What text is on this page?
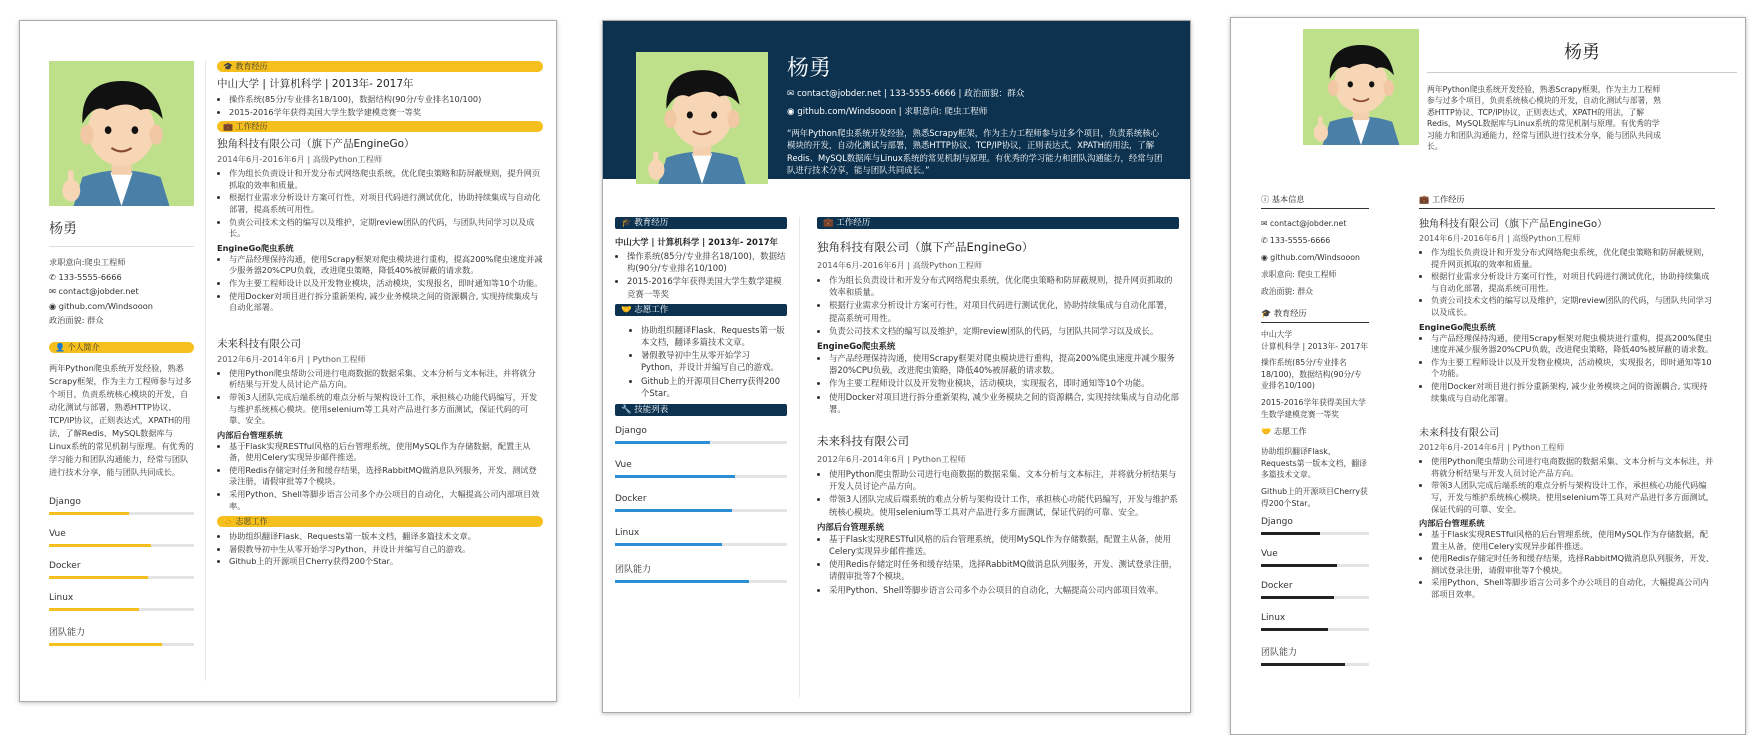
杨勇
求职意向:爬虫工程师
✆ 133-5555-6666
✉ contact@jobder.net
◉ github.com/Windsooon
政治面貌: 群众
👤 个人简介
两年Python爬虫系统开发经验，熟悉Scrapy框架，作为主力工程师参与过多个项目，负责系统核心模块的开发，自动化测试与部署，熟悉HTTP协议、TCP/IP协议，正则表达式，XPATH的用法，了解Redis、MySQL数据库与Linux系统的常见机制与原理。有优秀的学习能力和团队沟通能力，经常与团队进行技术分享，能与团队共同成长。
Django
Vue
Docker
Linux
团队能力
🎓 教育经历
中山大学 | 计算机科学 | 2013年- 2017年
• 操作系统(85分/专业排名18/100)，数据结构(90分/专业排名10/100)
• 2015-2016学年获得美国大学生数学建模竞赛一等奖
💼 工作经历
独角科技有限公司（旗下产品EngineGo）
2014年6月-2016年6月 | 高级Python工程师
• 作为组长负责设计和开发分布式网络爬虫系统，优化爬虫策略和防屏蔽规则，提升网页抓取的效率和质量。
• 根据行业需求分析设计方案可行性，对项目代码进行测试优化，协助持续集成与自动化部署，提高系统可用性。
• 负责公司技术文档的编写以及维护，定期review团队的代码，与团队共同学习以及成长。
EngineGo爬虫系统
• 与产品经理保持沟通，使用Scrapy框架对爬虫模块进行重构，提高200%爬虫速度并减少服务器20%CPU负载，改进爬虫策略，降低40%被屏蔽的请求数。
• 作为主要工程师设计以及开发物业模块，活动模块，实现报名，即时通知等10个功能。
• 使用Docker对项目进行拆分重新架构, 减少业务模块之间的资源耦合, 实现持续集成与自动化部署。
未来科技有限公司
2012年6月-2014年6月 | Python工程师
• 使用Python爬虫帮助公司进行电商数据的数据采集、文本分析与文本标注，并将就分析结果与开发人员讨论产品方向。
• 带领3人团队完成后端系统的难点分析与架构设计工作，承担核心功能代码编写，开发与维护系统核心模块。使用selenium等工具对产品进行多方面测试，保证代码的可靠、安全。
内部后台管理系统
• 基于Flask实现RESTful风格的后台管理系统，使用MySQL作为存储数据，配置主从备，使用Celery实现异步邮件推送。
• 使用Redis存储定时任务和缓存结果，选择RabbitMQ做消息队列服务，开发、测试登录注册，请假审批等7个模块。
• 采用Python、Shell等脚步语言公司多个办公项目的自动化，大幅提高公司内部项目效率。
🤝 志愿工作
• 协助组织翻译Flask、Requests第一版本文档，翻译多篇技术文章。
• 暑假教导初中生从零开始学习Python，并设计并编写自己的游戏。
• Github上的开源项目Cherry获得200个Star。
杨勇
✉ contact@jobder.net | 133-5555-6666 | 政治面貌：群众
◉ github.com/Windsooon | 求职意向: 爬虫工程师
“两年Python爬虫系统开发经验，熟悉Scrapy框架，作为主力工程师参与过多个项目，负责系统核心模块的开发，自动化测试与部署，熟悉HTTP协议、TCP/IP协议，正则表达式，XPATH的用法，了解Redis、MySQL数据库与Linux系统的常见机制与原理。有优秀的学习能力和团队沟通能力，经常与团队进行技术分享，能与团队共同成长。”
🎓 教育经历
中山大学 | 计算机科学 | 2013年- 2017年
• 操作系统(85分/专业排名18/100)，数据结构(90分/专业排名10/100)
• 2015-2016学年获得美国大学生数学建模竞赛一等奖
🤝 志愿工作
• 协助组织翻译Flask、Requests第一版本文档，翻译多篇技术文章。
• 暑假教导初中生从零开始学习Python，并设计并编写自己的游戏。
• Github上的开源项目Cherry获得200个Star。
🔧 技能列表
Django
Vue
Docker
Linux
团队能力
💼 工作经历
独角科技有限公司（旗下产品EngineGo）
2014年6月-2016年6月 | 高级Python工程师
• 作为组长负责设计和开发分布式网络爬虫系统，优化爬虫策略和防屏蔽规则，提升网页抓取的效率和质量。
• 根据行业需求分析设计方案可行性，对项目代码进行测试优化，协助持续集成与自动化部署，提高系统可用性。
• 负责公司技术文档的编写以及维护，定期review团队的代码，与团队共同学习以及成长。
EngineGo爬虫系统
• 与产品经理保持沟通，使用Scrapy框架对爬虫模块进行重构，提高200%爬虫速度并减少服务器20%CPU负载，改进爬虫策略，降低40%被屏蔽的请求数。
• 作为主要工程师设计以及开发物业模块，活动模块，实现报名，即时通知等10个功能。
• 使用Docker对项目进行拆分重新架构, 减少业务模块之间的资源耦合, 实现持续集成与自动化部署。
未来科技有限公司
2012年6月-2014年6月 | Python工程师
• 使用Python爬虫帮助公司进行电商数据的数据采集、文本分析与文本标注，并将就分析结果与开发人员讨论产品方向。
• 带领3人团队完成后端系统的难点分析与架构设计工作，承担核心功能代码编写，开发与维护系统核心模块。使用selenium等工具对产品进行多方面测试，保证代码的可靠、安全。
内部后台管理系统
• 基于Flask实现RESTful风格的后台管理系统，使用MySQL作为存储数据，配置主从备，使用Celery实现异步邮件推送。
• 使用Redis存储定时任务和缓存结果，选择RabbitMQ做消息队列服务，开发、测试登录注册，请假审批等7个模块。
• 采用Python、Shell等脚步语言公司多个办公项目的自动化，大幅提高公司内部项目效率。
杨勇
两年Python爬虫系统开发经验，熟悉Scrapy框架，作为主力工程师参与过多个项目，负责系统核心模块的开发，自动化测试与部署，熟悉HTTP协议、TCP/IP协议，正则表达式，XPATH的用法，了解Redis、MySQL数据库与Linux系统的常见机制与原理。有优秀的学习能力和团队沟通能力，经常与团队进行技术分享，能与团队共同成长。
ⓘ 基本信息
✉ contact@jobder.net
✆ 133-5555-6666
◉ github.com/Windsooon
求职意向: 爬虫工程师
政治面貌: 群众
🎓 教育经历
中山大学
计算机科学 | 2013年- 2017年
操作系统(85分/专业排名18/100)，数据结构(90分/专业排名10/100)
2015-2016学年获得美国大学生数学建模竞赛一等奖
🤝 志愿工作
协助组织翻译Flask、Requests第一版本文档，翻译多篇技术文章。
Github上的开源项目Cherry获得200个Star。
Django
Vue
Docker
Linux
团队能力
💼 工作经历
独角科技有限公司（旗下产品EngineGo）
2014年6月-2016年6月 | 高级Python工程师
• 作为组长负责设计和开发分布式网络爬虫系统，优化爬虫策略和防屏蔽规则，提升网页抓取的效率和质量。
• 根据行业需求分析设计方案可行性，对项目代码进行测试优化，协助持续集成与自动化部署，提高系统可用性。
• 负责公司技术文档的编写以及维护，定期review团队的代码，与团队共同学习以及成长。
EngineGo爬虫系统
• 与产品经理保持沟通，使用Scrapy框架对爬虫模块进行重构，提高200%爬虫速度并减少服务器20%CPU负载，改进爬虫策略，降低40%被屏蔽的请求数。
• 作为主要工程师设计以及开发物业模块，活动模块，实现报名，即时通知等10个功能。
• 使用Docker对项目进行拆分重新架构, 减少业务模块之间的资源耦合, 实现持续集成与自动化部署。
未来科技有限公司
2012年6月-2014年6月 | Python工程师
• 使用Python爬虫帮助公司进行电商数据的数据采集、文本分析与文本标注，并将就分析结果与开发人员讨论产品方向。
• 带领3人团队完成后端系统的难点分析与架构设计工作，承担核心功能代码编写，开发与维护系统核心模块。使用selenium等工具对产品进行多方面测试，保证代码的可靠、安全。
内部后台管理系统
• 基于Flask实现RESTful风格的后台管理系统，使用MySQL作为存储数据，配置主从备，使用Celery实现异步邮件推送。
• 使用Redis存储定时任务和缓存结果，选择RabbitMQ做消息队列服务，开发、测试登录注册，请假审批等7个模块。
• 采用Python、Shell等脚步语言公司多个办公项目的自动化，大幅提高公司内部项目效率。
